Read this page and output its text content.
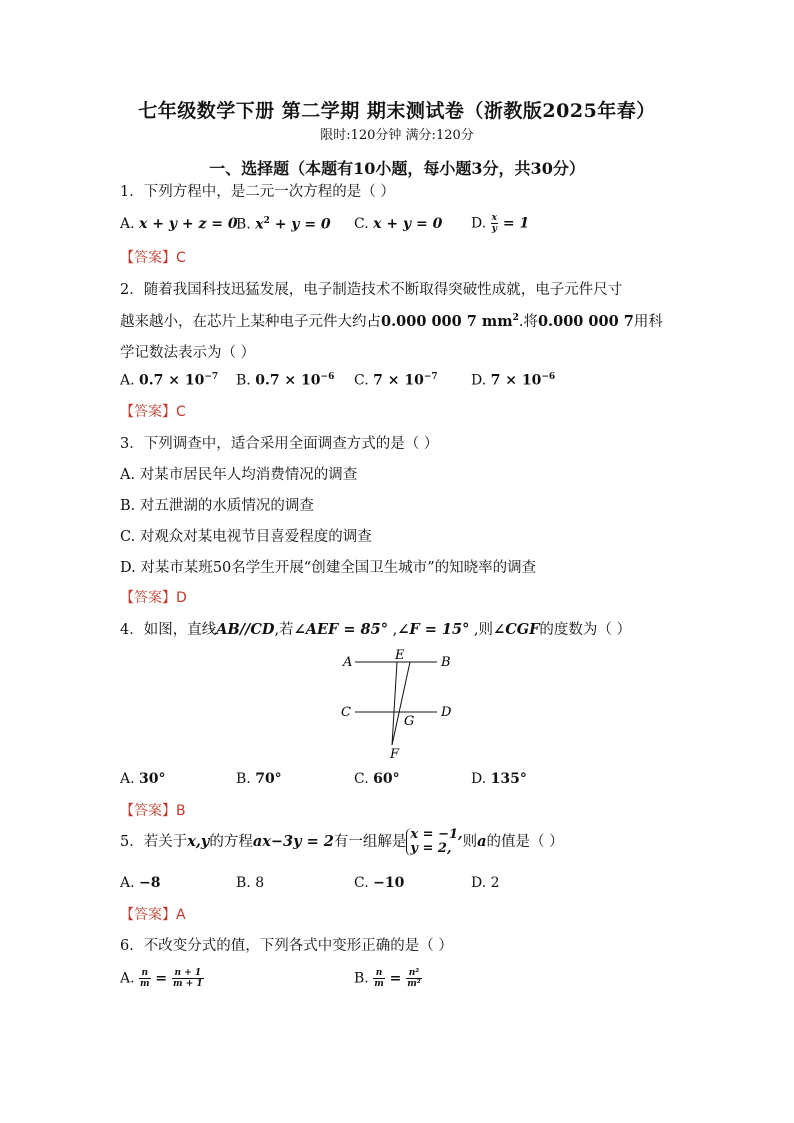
七年级数学下册 第二学期 期末测试卷（浙教版2025年春）
限时:120分钟 满分:120分
一、选择题（本题有10小题，每小题3分，共30分）
1．下列方程中，是二元一次方程的是（ ）
A. x + y + z = 0
B. $x^2 + y = 0$ C. x + y = 0 D. $\frac{x}{y} = 1$
【答案】C
2．随着我国科技迅猛发展，电子制造技术不断取得突破性成就，电子元件尺寸
越来越小，在芯片上某种电子元件大约占0.000 000 7 $mm^2$.将0.000 000 7用科
学记数法表示为（ ）
A. $0.7 \times 10^{-7}$ B. $0.7 \times 10^{-6}$ C. $7 \times 10^{-7}$ D. $7 \times 10^{-6}$
【答案】C
3．下列调查中，适合采用全面调查方式的是（ ）
A. 对某市居民年人均消费情况的调查
B. 对五泄湖的水质情况的调查
C. 对观众对某电视节目喜爱程度的调查
D. 对某市某班50名学生开展“创建全国卫生城市”的知晓率的调查
【答案】D
4．如图，直线AB//CD,若∠AEF = 85° ,∠F = 15° ,则∠CGF的度数为（ ）
A	E	B
C
G
D
F
A. 30°	B. 70°	C. 60°	D. 135°
【答案】B
5．若关于x,y的方程ax−3y = 2有一组解是 x = −1,
y = 2, 则a的值是（ ）
A. −8	B. 8	C. −10	D. 2
【答案】A
6．不改变分式的值，下列各式中变形正确的是（ ）
A. $\frac{n}{m} = \frac{n + 1}{m + 1}$	B. $\frac{n}{m} = \frac{\text{n²}}{\text{m²}}$
